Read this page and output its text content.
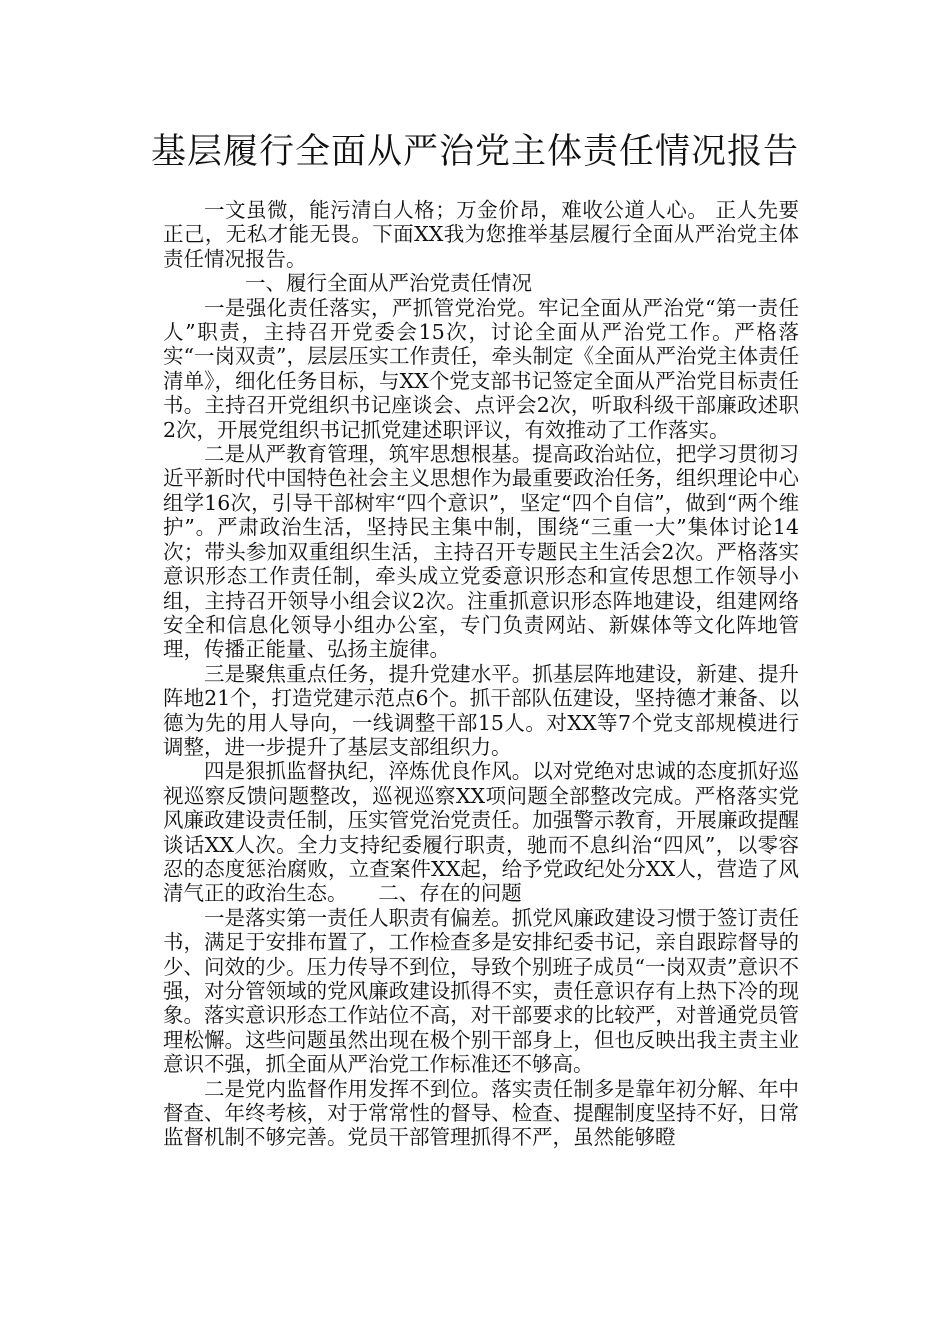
基层履行全面从严治党主体责任情况报告

一文虽微，能污清白人格；万金价昂，难收公道人心。 正人先要正己，无私才能无畏。下面XX我为您推举基层履行全面从严治党主体责任情况报告。

一、履行全面从严治党责任情况

一是强化责任落实，严抓管党治党。牢记全面从严治党“第一责任人”职责，主持召开党委会15次，讨论全面从严治党工作。严格落实“一岗双责”，层层压实工作责任，牵头制定《全面从严治党主体责任清单》，细化任务目标，与XX个党支部书记签定全面从严治党目标责任书。主持召开党组织书记座谈会、点评会2次，听取科级干部廉政述职2次，开展党组织书记抓党建述职评议，有效推动了工作落实。

二是从严教育管理，筑牢思想根基。提高政治站位，把学习贯彻习近平新时代中国特色社会主义思想作为最重要政治任务，组织理论中心组学16次，引导干部树牢“四个意识”，坚定“四个自信”，做到“两个维护”。严肃政治生活，坚持民主集中制，围绕“三重一大”集体讨论14次；带头参加双重组织生活，主持召开专题民主生活会2次。严格落实意识形态工作责任制，牵头成立党委意识形态和宣传思想工作领导小组，主持召开领导小组会议2次。注重抓意识形态阵地建设，组建网络安全和信息化领导小组办公室，专门负责网站、新媒体等文化阵地管理，传播正能量、弘扬主旋律。

三是聚焦重点任务，提升党建水平。抓基层阵地建设，新建、提升阵地21个，打造党建示范点6个。抓干部队伍建设，坚持德才兼备、以德为先的用人导向，一线调整干部15人。对XX等7个党支部规模进行调整，进一步提升了基层支部组织力。

四是狠抓监督执纪，淬炼优良作风。以对党绝对忠诚的态度抓好巡视巡察反馈问题整改，巡视巡察XX项问题全部整改完成。严格落实党风廉政建设责任制，压实管党治党责任。加强警示教育，开展廉政提醒谈话XX人次。全力支持纪委履行职责，驰而不息纠治“四风”，以零容忍的态度惩治腐败，立查案件XX起，给予党政纪处分XX人，营造了风清气正的政治生态。　　二、存在的问题

一是落实第一责任人职责有偏差。抓党风廉政建设习惯于签订责任书，满足于安排布置了，工作检查多是安排纪委书记，亲自跟踪督导的少、问效的少。压力传导不到位，导致个别班子成员“一岗双责”意识不强，对分管领域的党风廉政建设抓得不实，责任意识存有上热下冷的现象。落实意识形态工作站位不高，对干部要求的比较严，对普通党员管理松懈。这些问题虽然出现在极个别干部身上，但也反映出我主责主业意识不强，抓全面从严治党工作标准还不够高。

二是党内监督作用发挥不到位。落实责任制多是靠年初分解、年中督查、年终考核，对于常常性的督导、检查、提醒制度坚持不好，日常监督机制不够完善。党员干部管理抓得不严，虽然能够瞪
